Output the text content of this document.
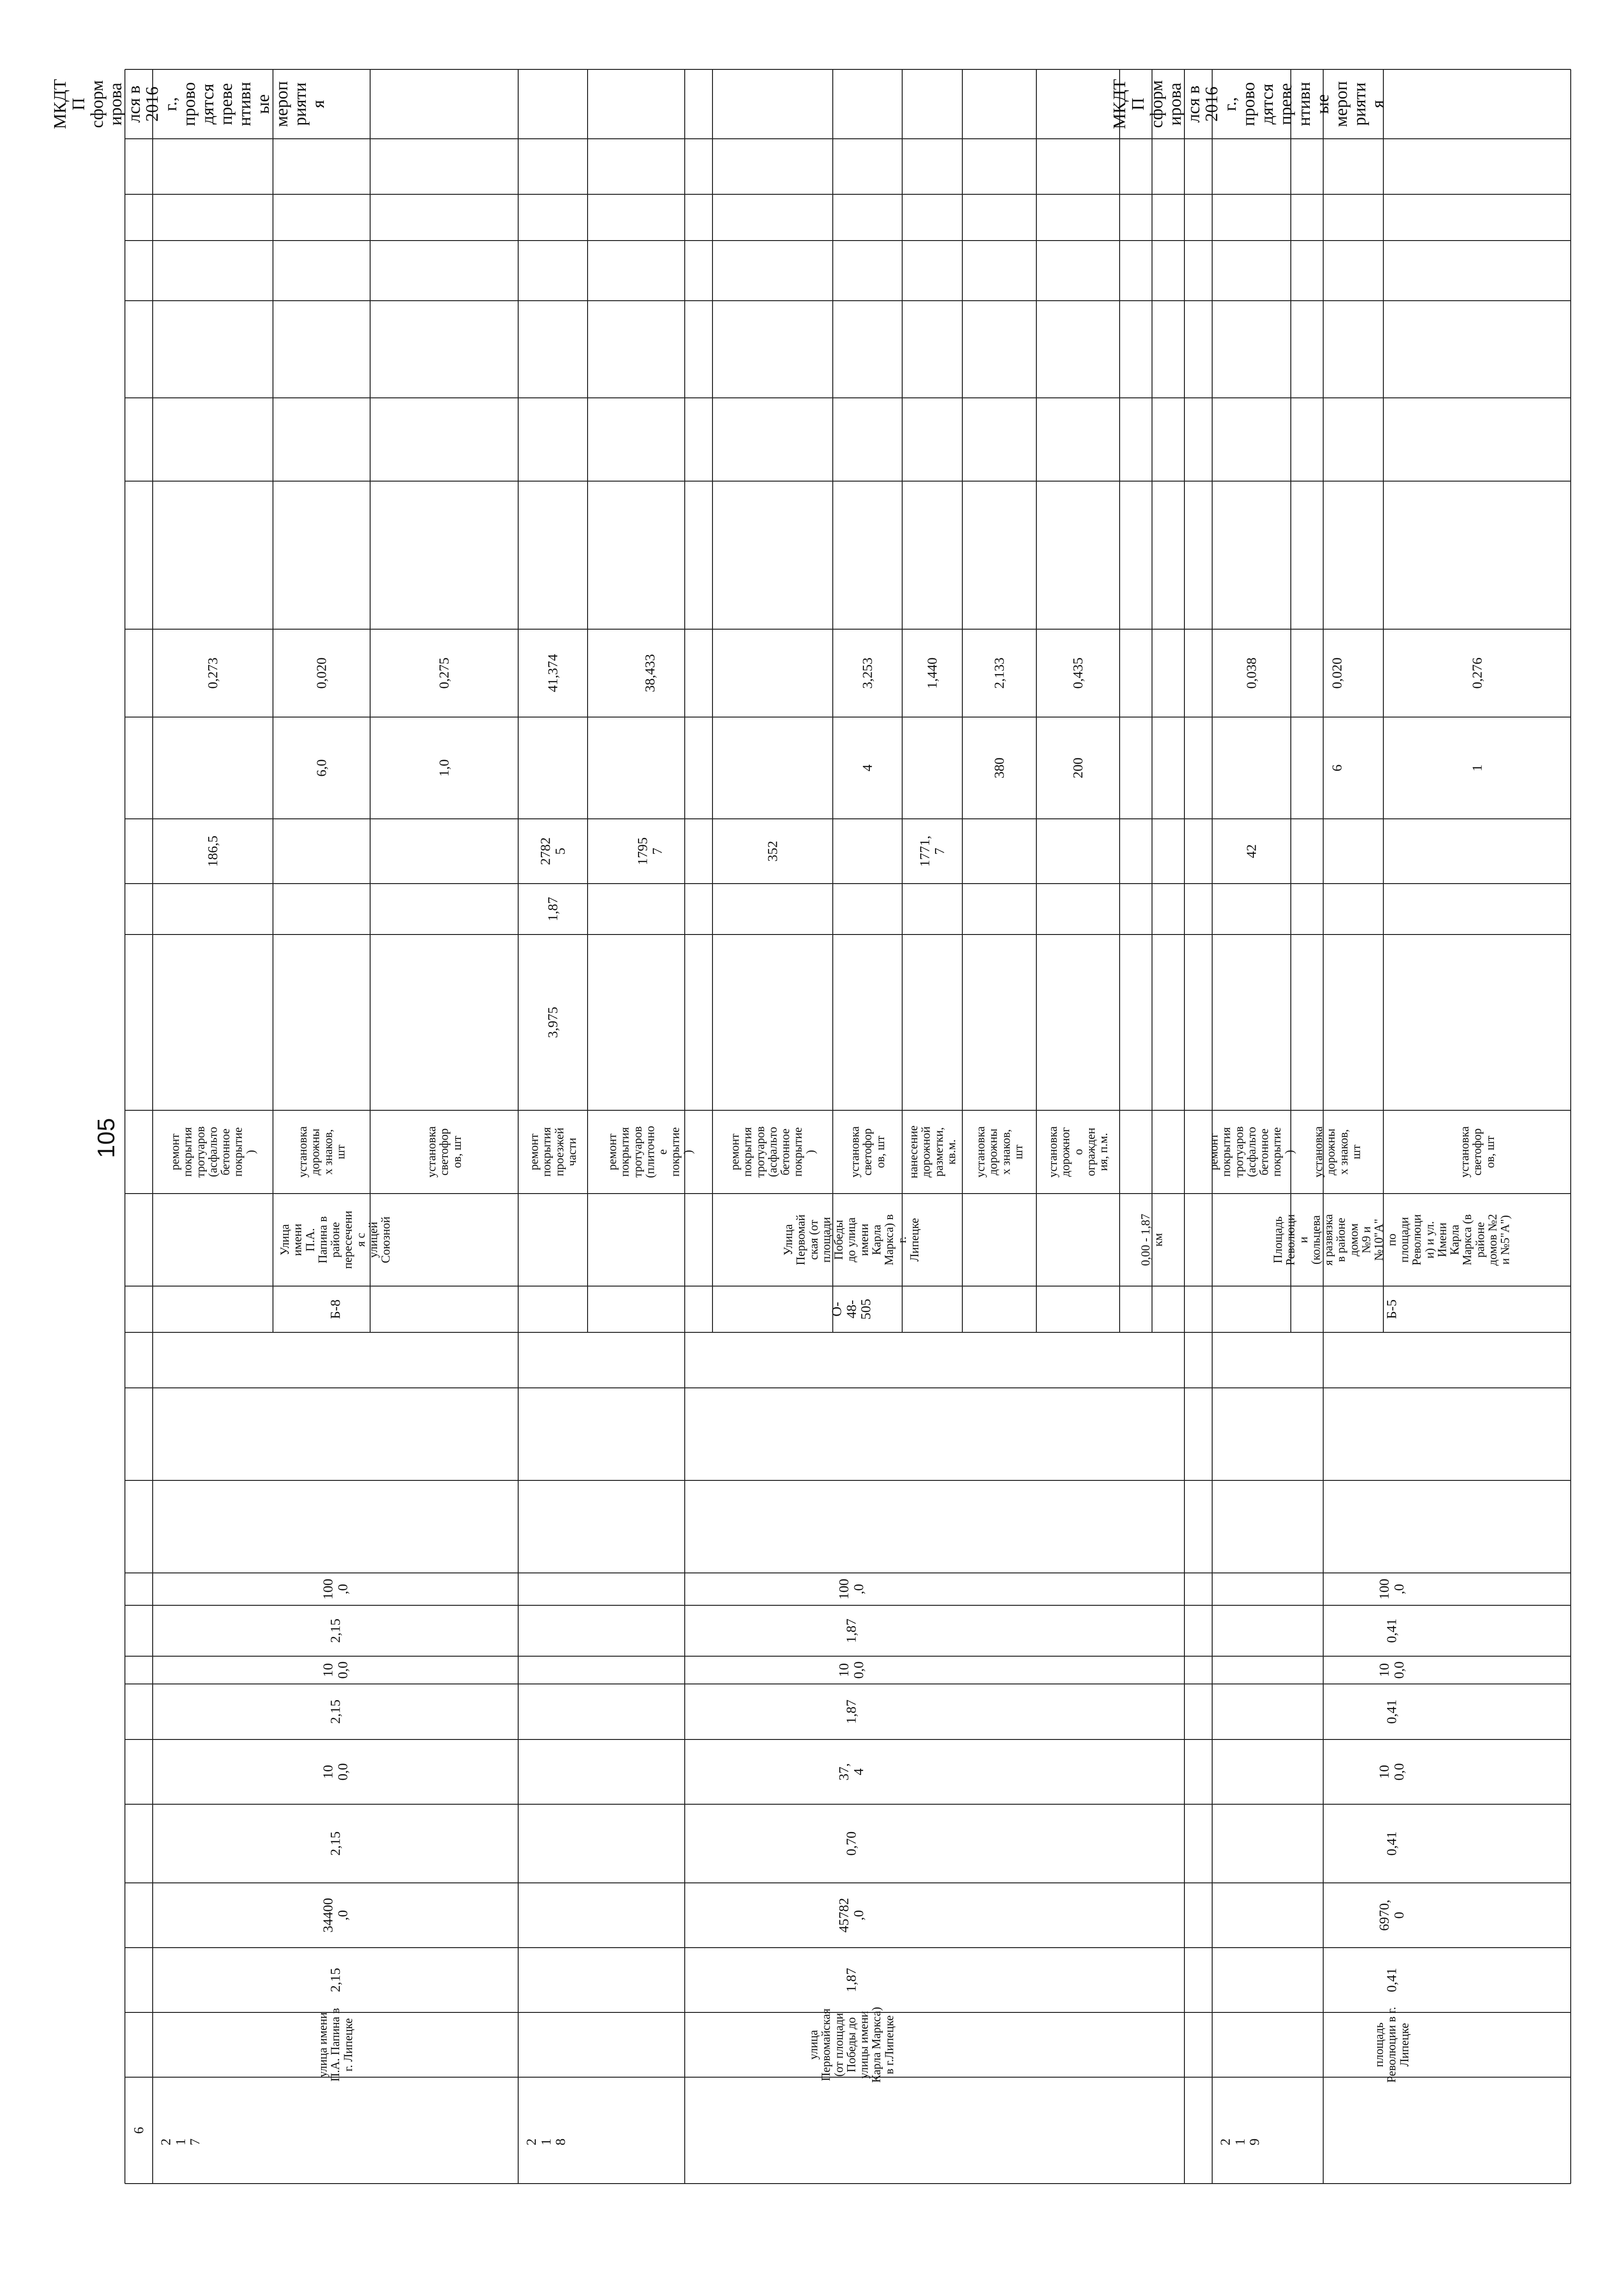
105
6
2
1
7
улица имени
П.А. Папина в
г. Липецке
2,15
34400
,0
2,15
10
0,0
2,15
10
0,0
2,15
100
,0
Б-8
Улица
имени
П.А.
Папина в
районе
пересечени
я с
улицей
Союзной
МКДТ
П
сформ
ирова
лся в
2016
г.,
прово
дятся
преве
нтивн
ые
мероп
рияти
я
2
1
8
улица
Первомайская
(от площади
Победы до
улицы имени
Карла Маркса)
в г.Липецке
1,87
45782
,0
0,70
37,
4
1,87
10
0,0
1,87
100
,0
О-
48-
505
Улица
Первомай
ская (от
площади
Победы
до улица
имени
Карла
Маркса) в
г.
Липецке	0,00 - 1,87
км
2
1
9
площадь
Революции в г.
Липецке
0,41
6970,
0
0,41
10
0,0
0,41
10
0,0
0,41
100
,0
Б-5
Площадь
Революци
и
(кольцева
я развязка
в районе
домом
№9 и
№10"А"
по
площади
Революци
и) и ул.
Имени
Карла
Маркса (в
районе
домов №2
и №5"А")
МКДТ
П
сформ
ирова
лся в
2016
г.,
прово
дятся
преве
нтивн
ые
мероп
рияти
я
ремонт
покрытия
тротуаров
(асфальто
бетонное
покрытие
)
186,5
0,273
установка
дорожны
х знаков,
шт
6,0
0,020
установка
светофор
ов, шт
1,0
0,275
ремонт
покрытия
проезжей
части
3,975
1,87
2782
5
41,374
ремонт
покрытия
тротуаров
(плиточно
е
покрытие
)
1795
7
38,433
ремонт
покрытия
тротуаров
(асфальто
бетонное
покрытие
)
352
установка
светофор
ов, шт
4
3,253
нанесение
дорожной
разметки,
кв.м.
1771,
7
1,440
установка
дорожны
х знаков,
шт
380
2,133
установка
дорожног
о
огражден
ия, п.м.
200
0,435
ремонт
покрытия
тротуаров
(асфальто
бетонное
покрытие
)
42
0,038
установка
дорожны
х знаков,
шт
6
0,020
установка
светофор
ов, шт
1
0,276
